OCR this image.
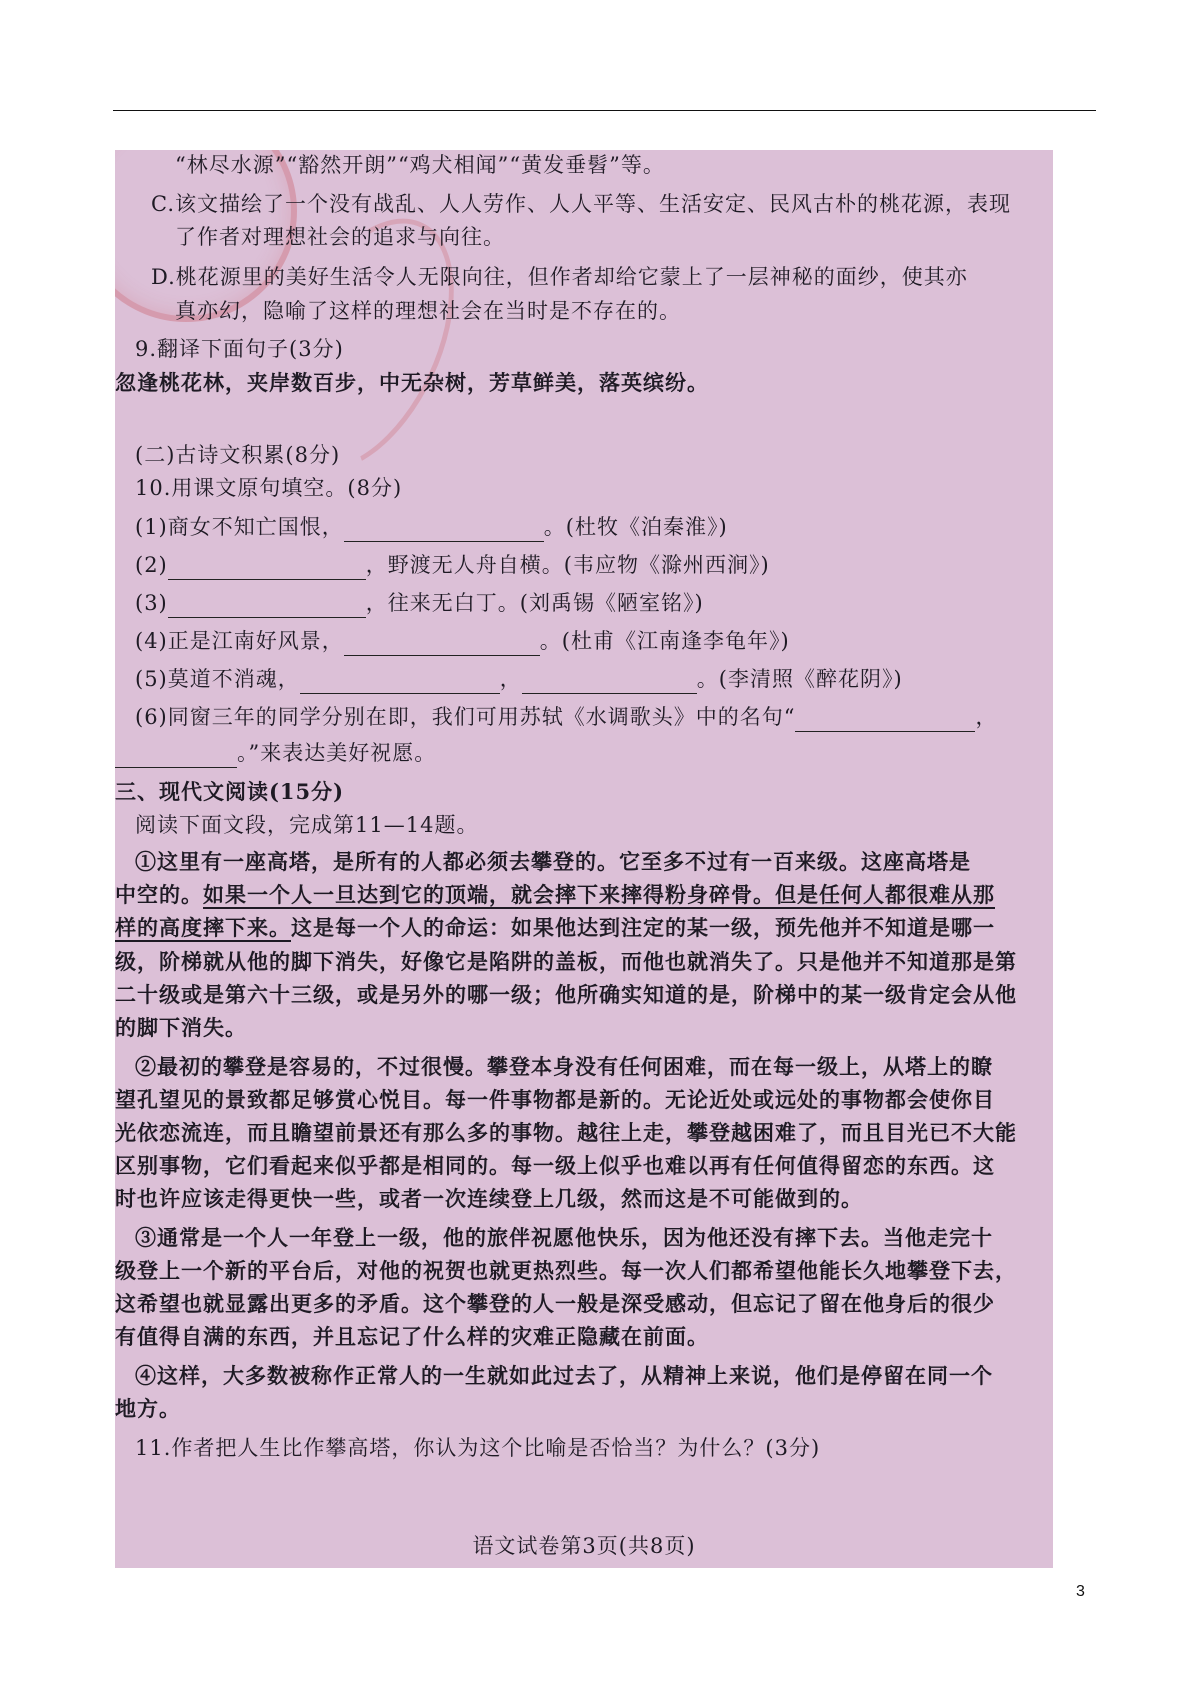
“林尽水源”“豁然开朗”“鸡犬相闻”“黄发垂髫”等。

C.该文描绘了一个没有战乱、人人劳作、人人平等、生活安定、民风古朴的桃花源，表现

了作者对理想社会的追求与向往。

D.桃花源里的美好生活令人无限向往，但作者却给它蒙上了一层神秘的面纱，使其亦

真亦幻，隐喻了这样的理想社会在当时是不存在的。

9.翻译下面句子(3分)

忽逢桃花林，夹岸数百步，中无杂树，芳草鲜美，落英缤纷。

(二)古诗文积累(8分)

10.用课文原句填空。(8分)

(1)商女不知亡国恨，	。(杜牧《泊秦淮》)

(2)	，野渡无人舟自横。(韦应物《滁州西涧》)

(3)	，往来无白丁。(刘禹锡《陋室铭》)

(4)正是江南好风景，	。(杜甫《江南逢李龟年》)

(5)莫道不消魂，	，	。(李清照《醉花阴》)

(6)同窗三年的同学分别在即，我们可用苏轼《水调歌头》中的名句“	，

。”来表达美好祝愿。

三、现代文阅读(15分)

阅读下面文段，完成第11—14题。

①这里有一座高塔，是所有的人都必须去攀登的。它至多不过有一百来级。这座高塔是

中空的。如果一个人一旦达到它的顶端，就会摔下来摔得粉身碎骨。但是任何人都很难从那

样的高度摔下来。这是每一个人的命运：如果他达到注定的某一级，预先他并不知道是哪一

级，阶梯就从他的脚下消失，好像它是陷阱的盖板，而他也就消失了。只是他并不知道那是第

二十级或是第六十三级，或是另外的哪一级；他所确实知道的是，阶梯中的某一级肯定会从他

的脚下消失。

②最初的攀登是容易的，不过很慢。攀登本身没有任何困难，而在每一级上，从塔上的瞭

望孔望见的景致都足够赏心悦目。每一件事物都是新的。无论近处或远处的事物都会使你目

光依恋流连，而且瞻望前景还有那么多的事物。越往上走，攀登越困难了，而且目光已不大能

区别事物，它们看起来似乎都是相同的。每一级上似乎也难以再有任何值得留恋的东西。这

时也许应该走得更快一些，或者一次连续登上几级，然而这是不可能做到的。

③通常是一个人一年登上一级，他的旅伴祝愿他快乐，因为他还没有摔下去。当他走完十

级登上一个新的平台后，对他的祝贺也就更热烈些。每一次人们都希望他能长久地攀登下去，

这希望也就显露出更多的矛盾。这个攀登的人一般是深受感动，但忘记了留在他身后的很少

有值得自满的东西，并且忘记了什么样的灾难正隐藏在前面。

④这样，大多数被称作正常人的一生就如此过去了，从精神上来说，他们是停留在同一个

地方。

11.作者把人生比作攀高塔，你认为这个比喻是否恰当？为什么？(3分)

语文试卷第3页(共8页)

3
